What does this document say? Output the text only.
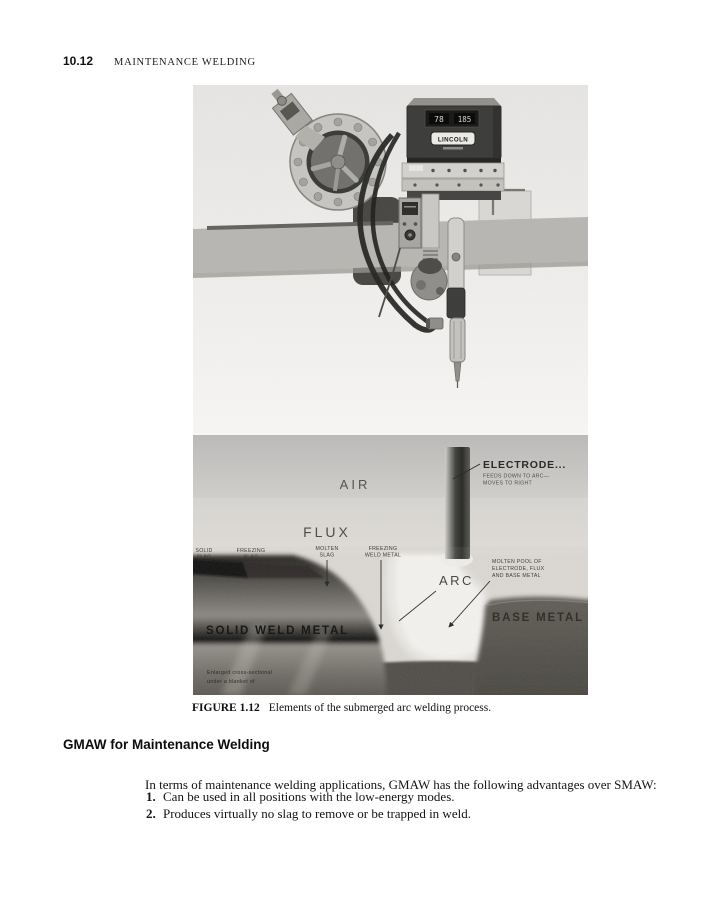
10.12 MAINTENANCE WELDING
78 185
LINCOLN
AIR
FLUX
ELECTRODE...
FEEDS DOWN TO ARC—
MOVES TO RIGHT
SOLID
SLAG
FREEZING
SLAG
MOLTEN
SLAG
FREEZING
WELD METAL
ARC
MOLTEN POOL OF
ELECTRODE, FLUX
AND BASE METAL
SOLID WELD METAL
BASE METAL
Enlarged cross-sectional
under a blanket of
FIGURE 1.12 Elements of the submerged arc welding process.
GMAW for Maintenance Welding

In terms of maintenance welding applications, GMAW has the following advantages over SMAW:

1. Can be used in all positions with the low-energy modes.
2. Produces virtually no slag to remove or be trapped in weld.
